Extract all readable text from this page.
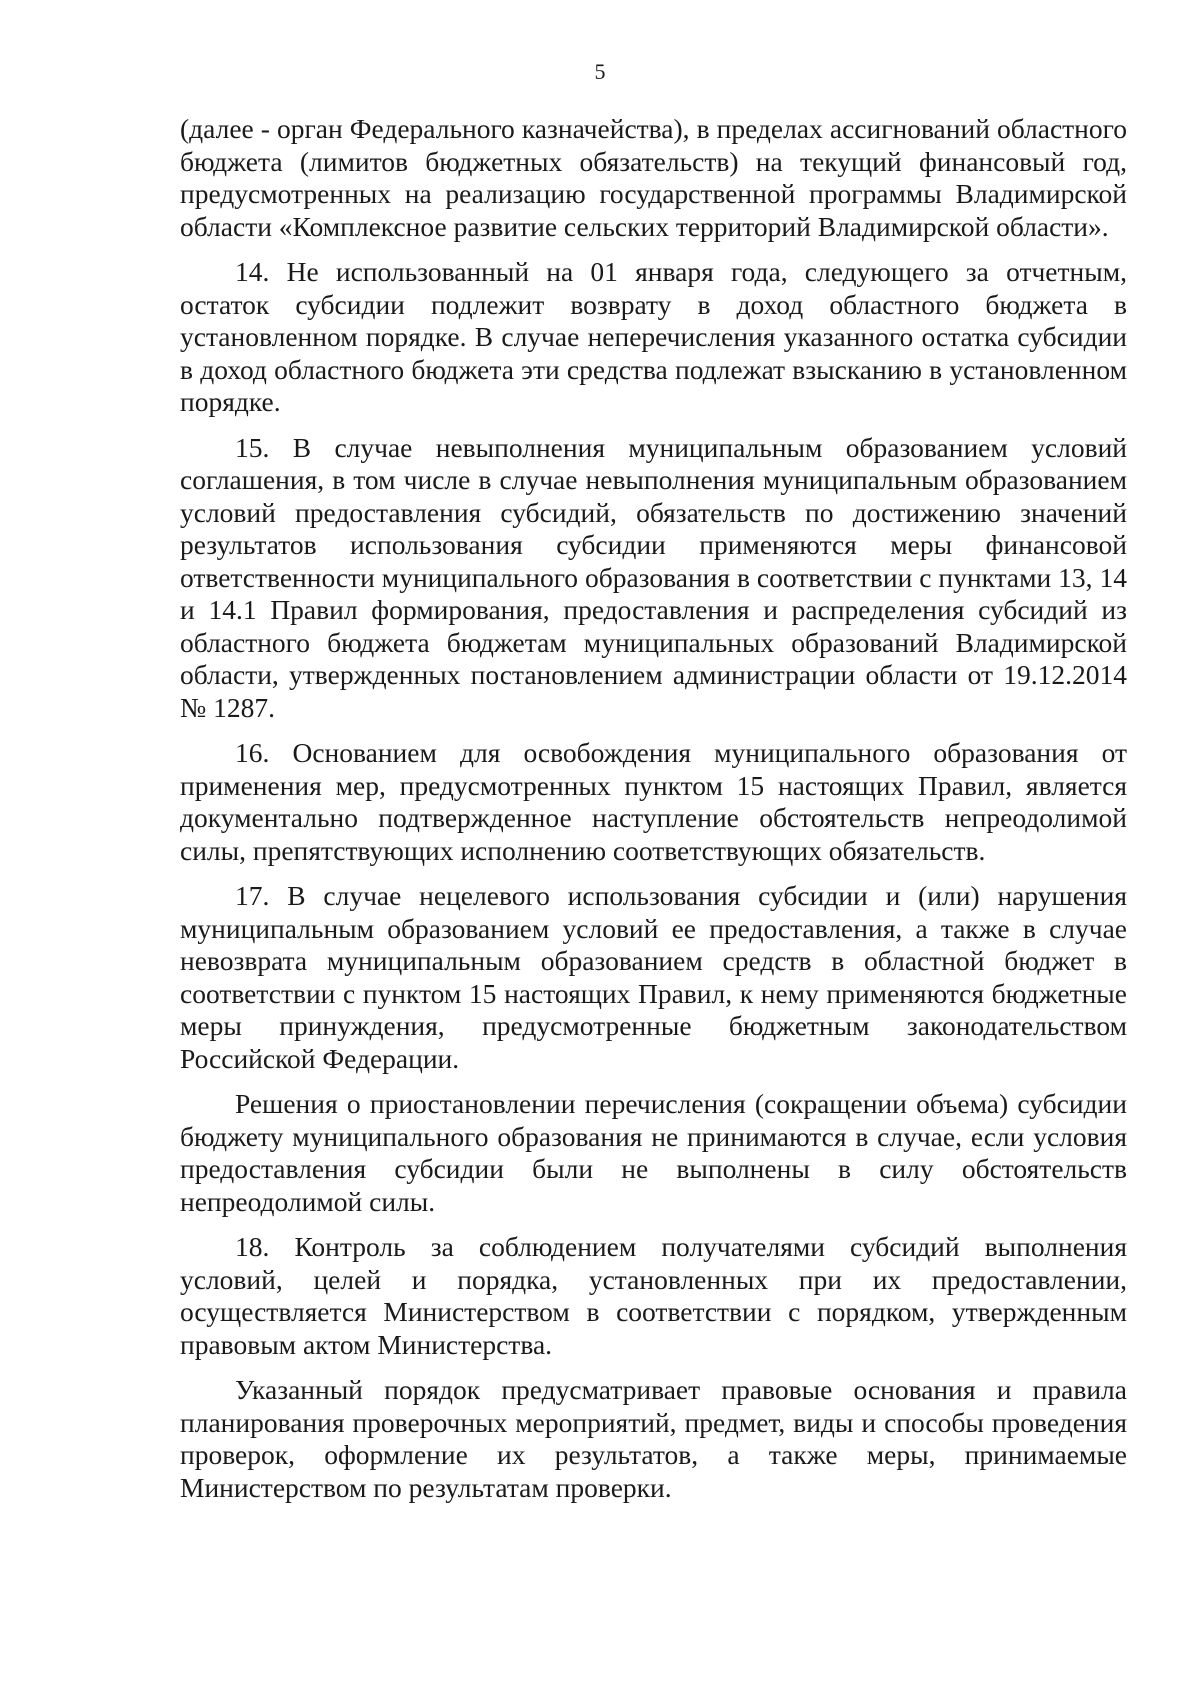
5

(далее - орган Федерального казначейства), в пределах ассигнований областного бюджета (лимитов бюджетных обязательств) на текущий финансовый год, предусмотренных на реализацию государственной программы Владимирской области «Комплексное развитие сельских территорий Владимирской области».

14. Не использованный на 01 января года, следующего за отчетным, остаток субсидии подлежит возврату в доход областного бюджета в установленном порядке. В случае неперечисления указанного остатка субсидии в доход областного бюджета эти средства подлежат взысканию в установленном порядке.

15. В случае невыполнения муниципальным образованием условий соглашения, в том числе в случае невыполнения муниципальным образованием условий предоставления субсидий, обязательств по достижению значений результатов использования субсидии применяются меры финансовой ответственности муниципального образования в соответствии с пунктами 13, 14 и 14.1 Правил формирования, предоставления и распределения субсидий из областного бюджета бюджетам муниципальных образований Владимирской области, утвержденных постановлением администрации области от 19.12.2014 № 1287.

16. Основанием для освобождения муниципального образования от применения мер, предусмотренных пунктом 15 настоящих Правил, является документально подтвержденное наступление обстоятельств непреодолимой силы, препятствующих исполнению соответствующих обязательств.

17. В случае нецелевого использования субсидии и (или) нарушения муниципальным образованием условий ее предоставления, а также в случае невозврата муниципальным образованием средств в областной бюджет в соответствии с пунктом 15 настоящих Правил, к нему применяются бюджетные меры принуждения, предусмотренные бюджетным законодательством Российской Федерации.

Решения о приостановлении перечисления (сокращении объема) субсидии бюджету муниципального образования не принимаются в случае, если условия предоставления субсидии были не выполнены в силу обстоятельств непреодолимой силы.

18. Контроль за соблюдением получателями субсидий выполнения условий, целей и порядка, установленных при их предоставлении, осуществляется Министерством в соответствии с порядком, утвержденным правовым актом Министерства.

Указанный порядок предусматривает правовые основания и правила планирования проверочных мероприятий, предмет, виды и способы проведения проверок, оформление их результатов, а также меры, принимаемые Министерством по результатам проверки.
